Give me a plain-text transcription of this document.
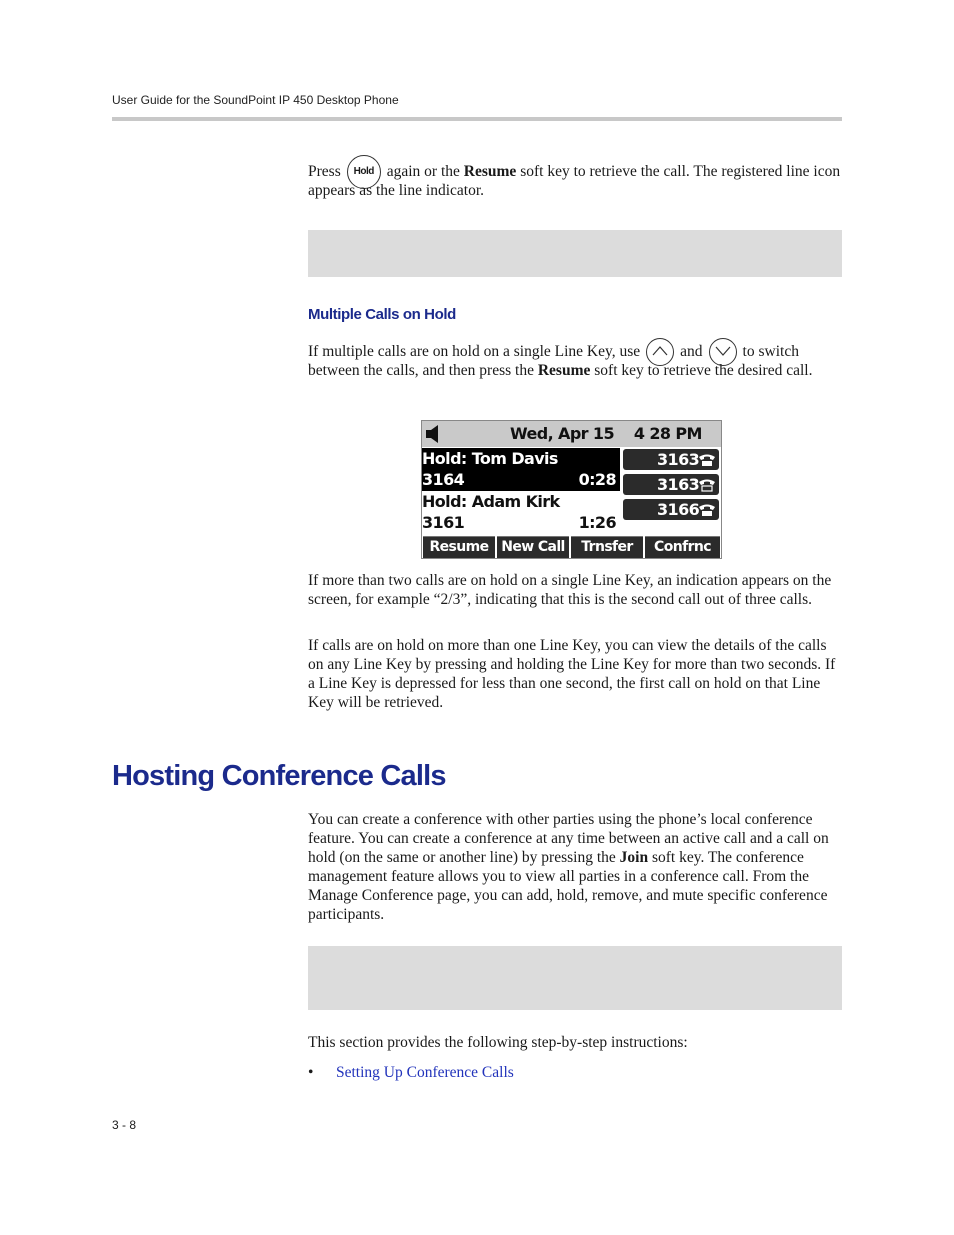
User Guide for the SoundPoint IP 450 Desktop Phone

Press Hold again or the Resume soft key to retrieve the call. The registered line icon appears as the line indicator.

Multiple Calls on Hold

If multiple calls are on hold on a single Line Key, use	and	to switch between the calls, and then press the Resume soft key to retrieve the desired call.

Wed, Apr 15    4 28 PM
Hold: Tom Davis
3164	0:28
Hold: Adam Kirk
3161	1:26
3163
3163
3166
Resume New Call	Trnsfer	Confrnc

If more than two calls are on hold on a single Line Key, an indication appears on the screen, for example “2/3”, indicating that this is the second call out of three calls.

If calls are on hold on more than one Line Key, you can view the details of the calls on any Line Key by pressing and holding the Line Key for more than two seconds. If a Line Key is depressed for less than one second, the first call on hold on that Line Key will be retrieved.

Hosting Conference Calls

You can create a conference with other parties using the phone’s local conference feature. You can create a conference at any time between an active call and a call on hold (on the same or another line) by pressing the Join soft key. The conference management feature allows you to view all parties in a conference call. From the Manage Conference page, you can add, hold, remove, and mute specific conference participants.

This section provides the following step-by-step instructions:

• Setting Up Conference Calls
3 - 8
